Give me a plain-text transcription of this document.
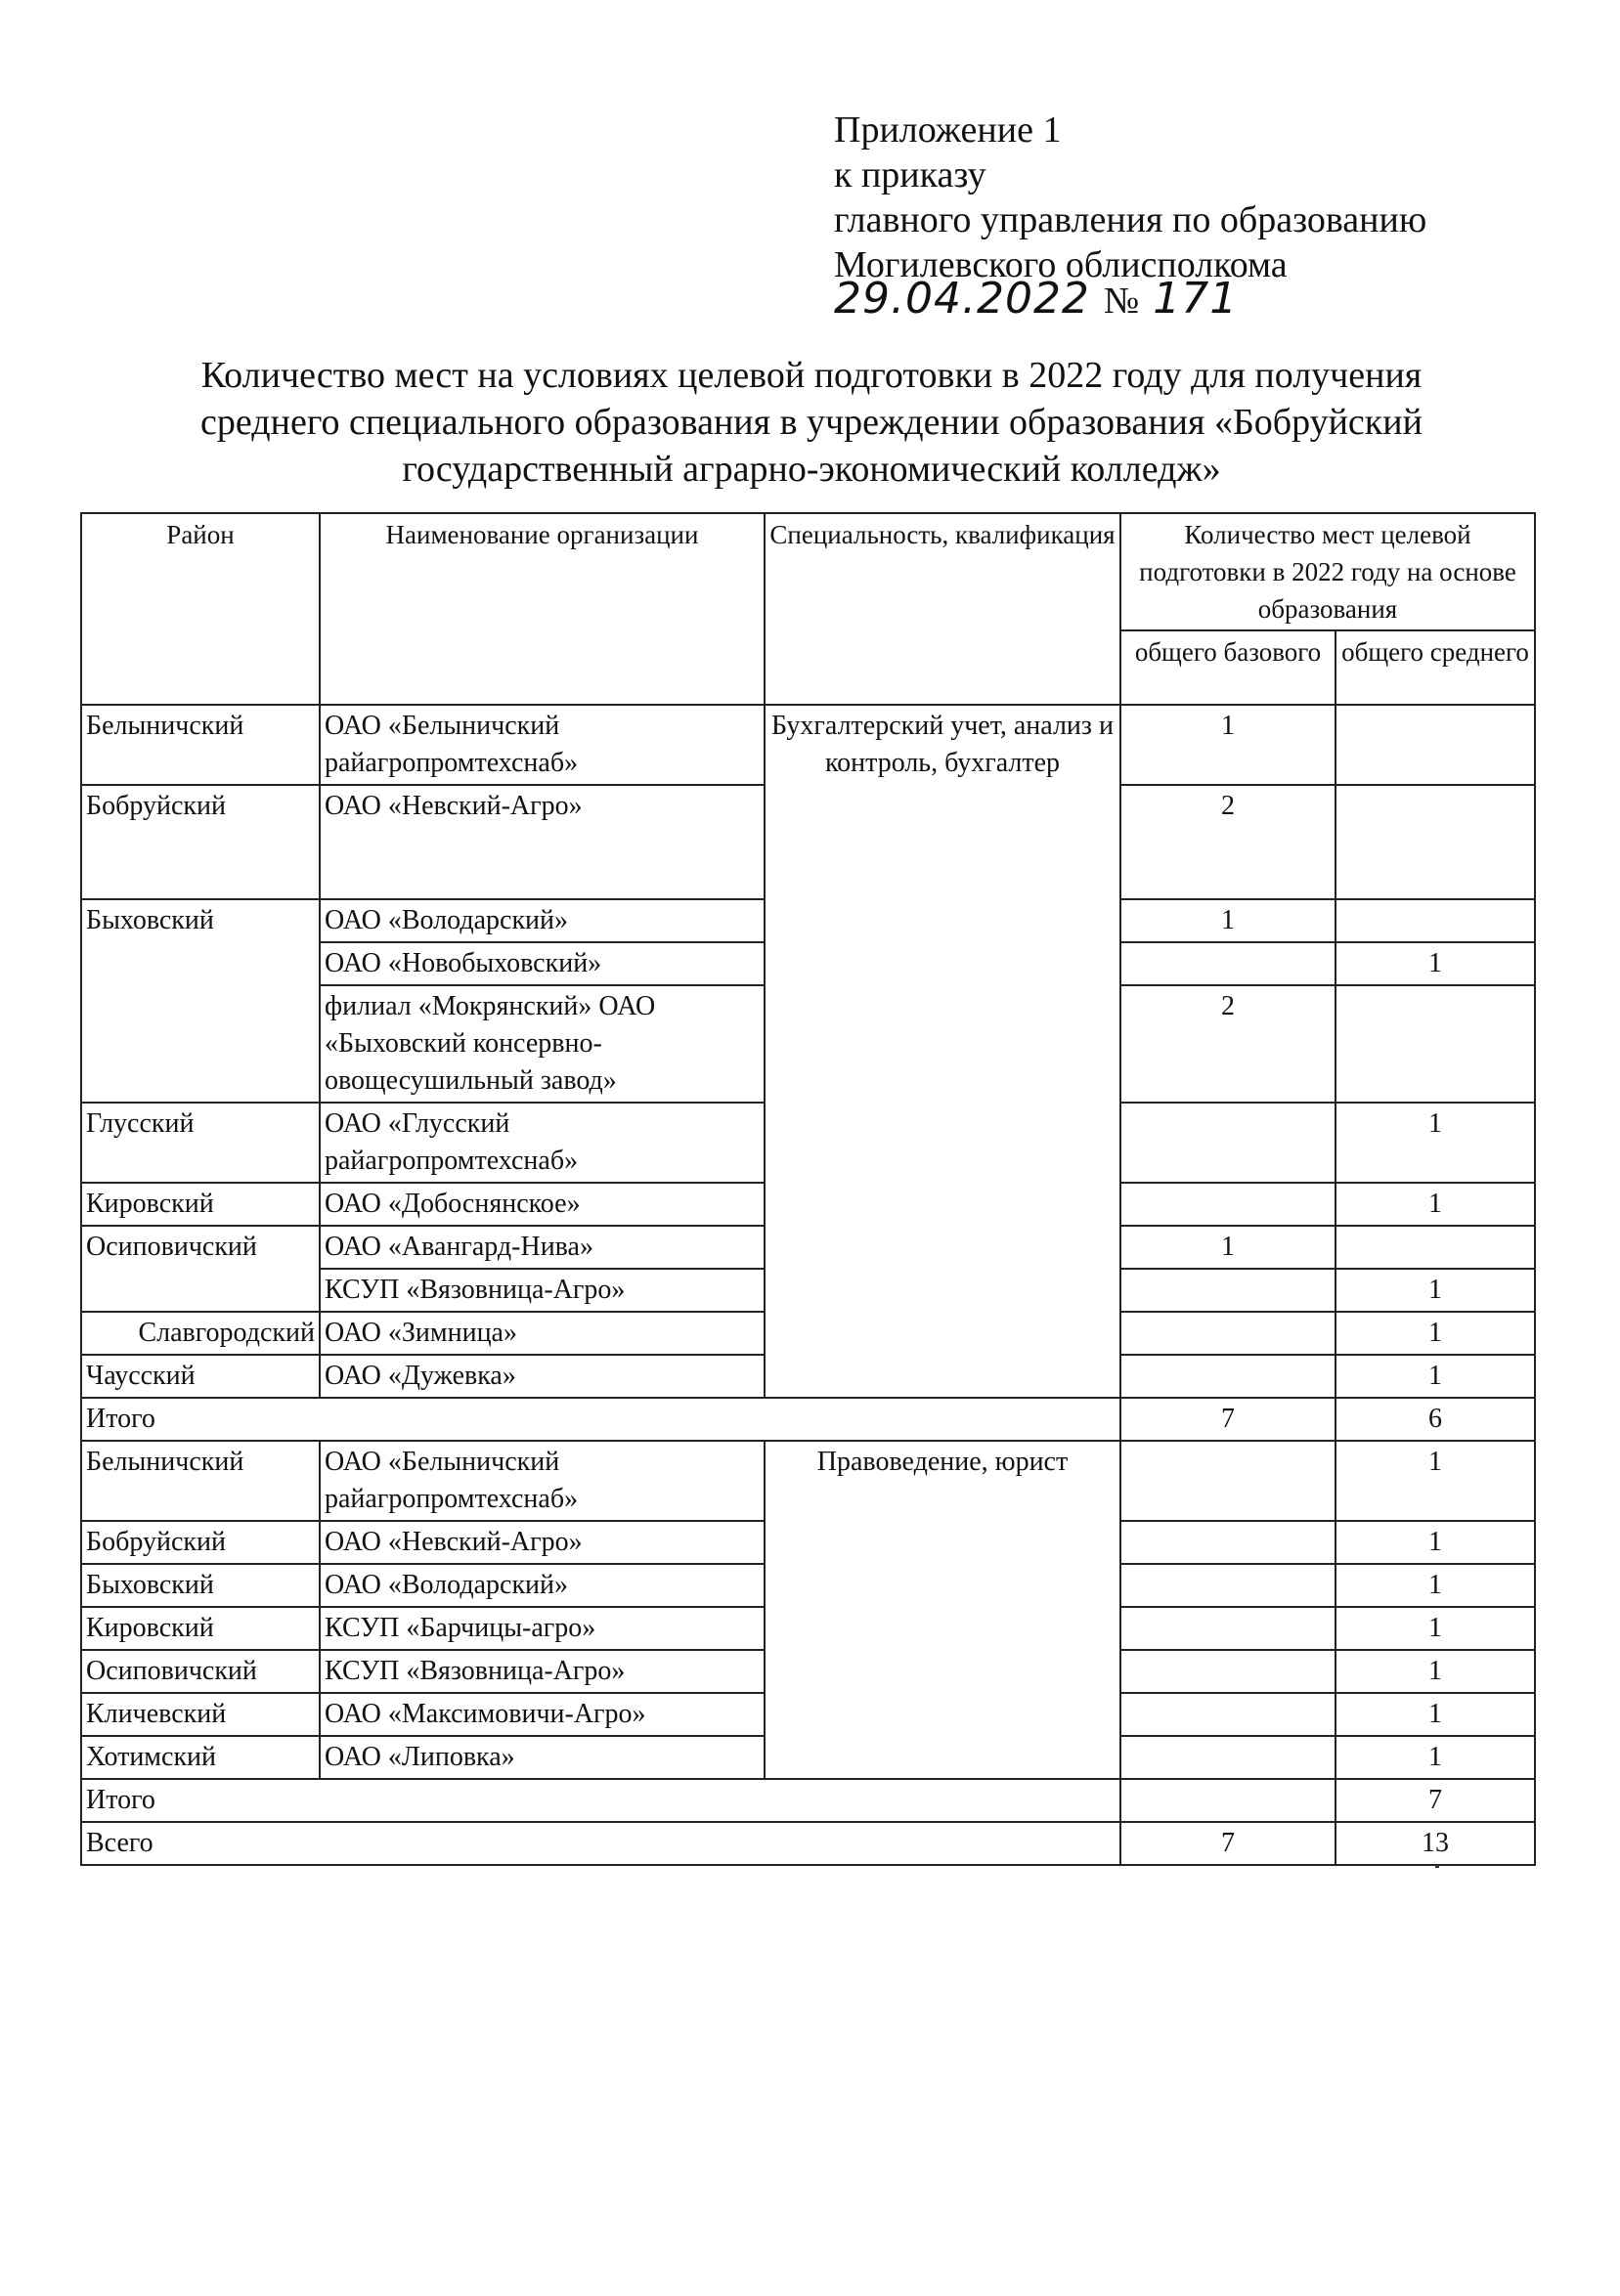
Приложение 1
к приказу
главного управления по образованию
Могилевского облисполкома
29.04.2022 № 171
Количество мест на условиях целевой подготовки в 2022 году для получения
среднего специального образования в учреждении образования «Бобруйский
государственный аграрно-экономический колледж»
Район	Наименование организации	Специальность, квалификация	Количество мест целевой подготовки в 2022 году на основе образования	
			общего базового	общего среднего
Белыничский	ОАО «Белыничский райагропромтехснаб»	Бухгалтерский учет, анализ и контроль, бухгалтер	1	
Бобруйский	ОАО «Невский-Агро»		2	
Быховский	ОАО «Володарский»		1	
	ОАО «Новобыховский»			1
	филиал «Мокрянский» ОАО «Быховский консервно-овощесушильный завод»		2	
Глусский	ОАО «Глусский райагропромтехснаб»			1
Кировский	ОАО «Добоснянское»			1
Осиповичский	ОАО «Авангард-Нива»		1	
	КСУП «Вязовница-Агро»			1
Славгородский	ОАО «Зимница»			1
Чаусский	ОАО «Дужевка»			1
Итого			7	6
Белыничский	ОАО «Белыничский райагропромтехснаб»	Правоведение, юрист		1
Бобруйский	ОАО «Невский-Агро»			1
Быховский	ОАО «Володарский»			1
Кировский	КСУП «Барчицы-агро»			1
Осиповичский	КСУП «Вязовница-Агро»			1
Кличевский	ОАО «Максимовичи-Агро»			1
Хотимский	ОАО «Липовка»			1
Итого				7
Всего			7	13
